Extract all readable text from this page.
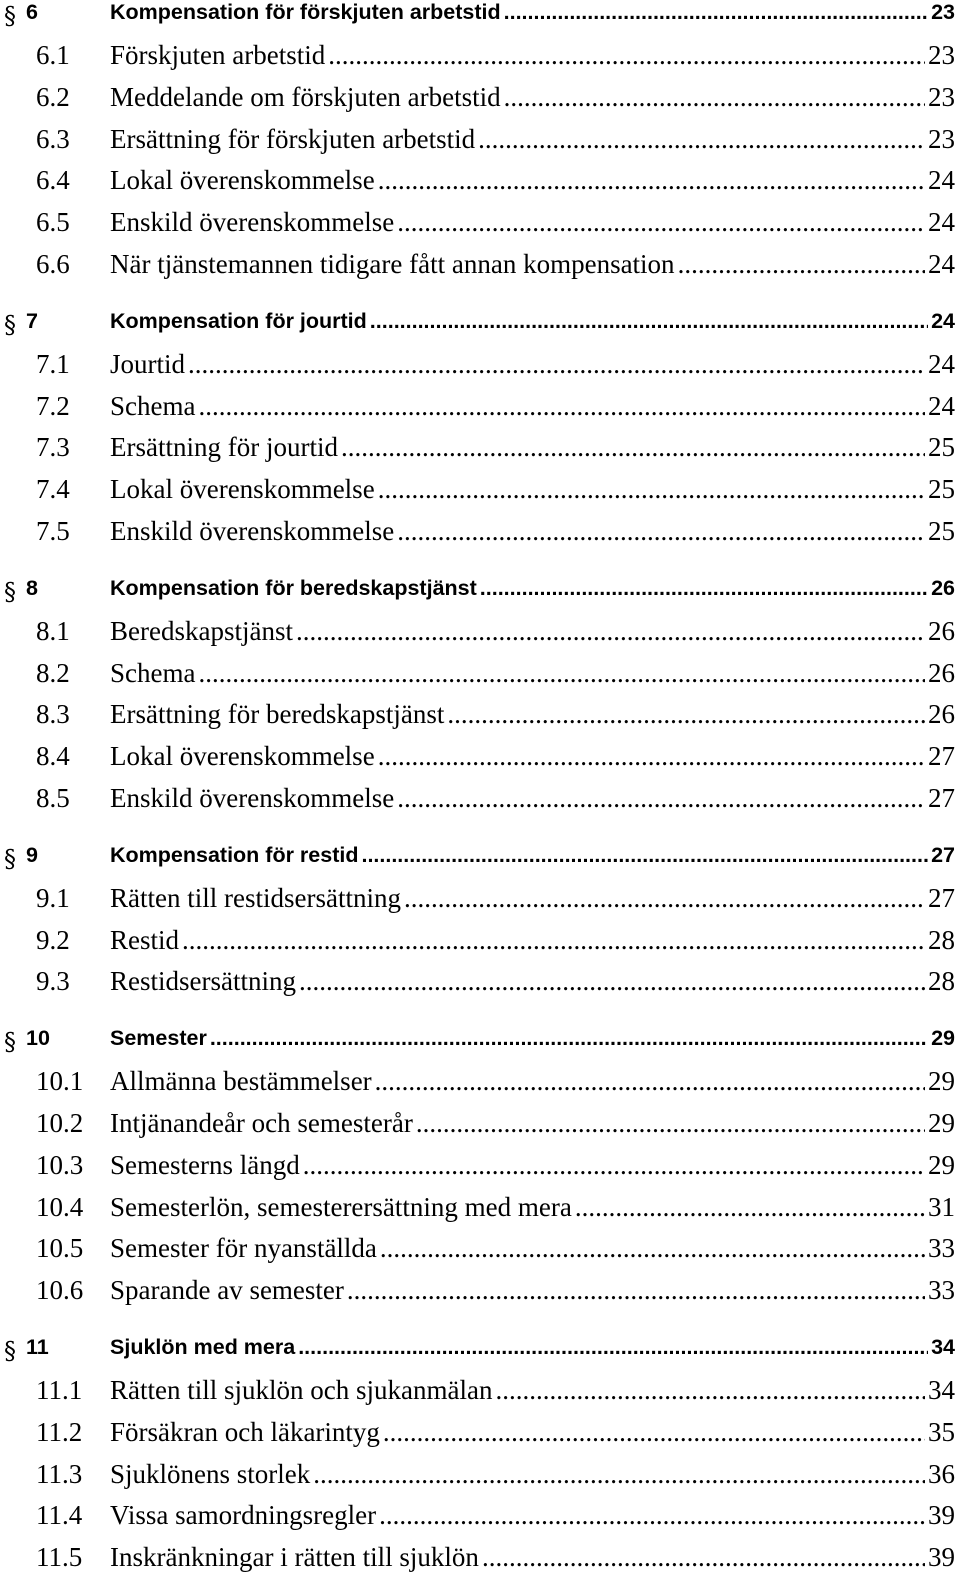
§ 6	Kompensation för förskjuten arbetstid .....	23
6.1	Förskjuten arbetstid .....	23
6.2	Meddelande om förskjuten arbetstid .....	23
6.3	Ersättning för förskjuten arbetstid .....	23
6.4	Lokal överenskommelse .....	24
6.5	Enskild överenskommelse .....	24
6.6	När tjänstemannen tidigare fått annan kompensation .....	24
§ 7	Kompensation för jourtid .....	24
7.1	Jourtid .....	24
7.2	Schema .....	24
7.3	Ersättning för jourtid .....	25
7.4	Lokal överenskommelse .....	25
7.5	Enskild överenskommelse .....	25
§ 8	Kompensation för beredskapstjänst .....	26
8.1	Beredskapstjänst .....	26
8.2	Schema .....	26
8.3	Ersättning för beredskapstjänst .....	26
8.4	Lokal överenskommelse .....	27
8.5	Enskild överenskommelse .....	27
§ 9	Kompensation för restid .....	27
9.1	Rätten till restidsersättning .....	27
9.2	Restid .....	28
9.3	Restidsersättning .....	28
§ 10	Semester .....	29
10.1 Allmänna bestämmelser .....	29
10.2 Intjänandeår och semesterår .....	29
10.3 Semesterns längd .....	29
10.4 Semesterlön, semesterersättning med mera .....	31
10.5 Semester för nyanställda .....	33
10.6 Sparande av semester .....	33
§ 11	Sjuklön med mera .....	34
11.1	Rätten till sjuklön och sjukanmälan .....	34
11.2	Försäkran och läkarintyg .....	35
11.3	Sjuklönens storlek .....	36
11.4	Vissa samordningsregler .....	39
11.5	Inskränkningar i rätten till sjuklön .....	39
